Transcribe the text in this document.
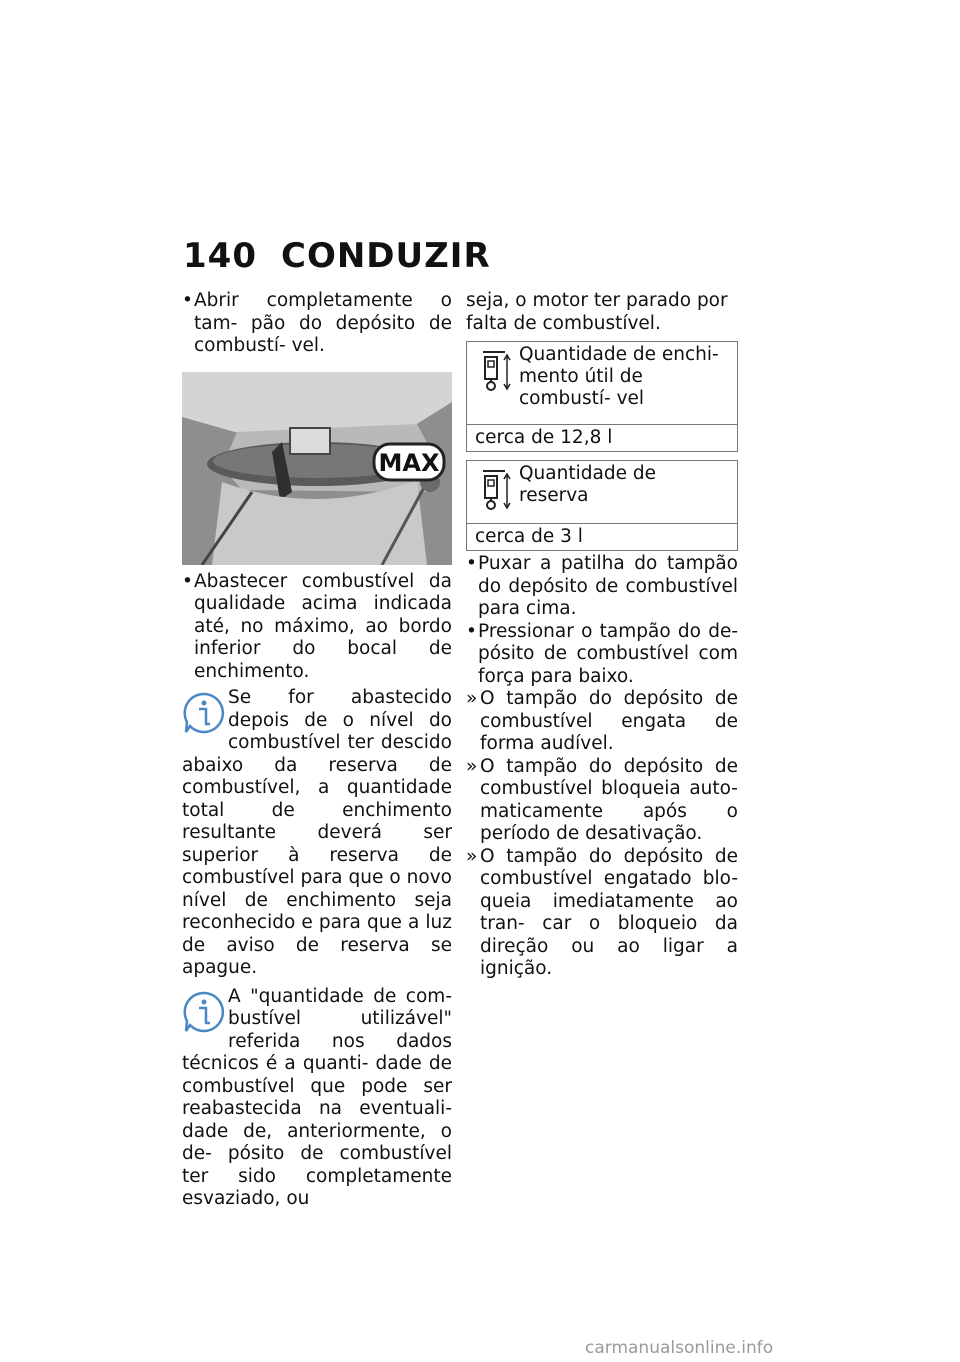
140 CONDUZIR
• Abrir completamente o tam- pão do depósito de combustí- vel.
MAX
• Abastecer combustível da qualidade acima indicada até, no máximo, ao bordo inferior do bocal de enchimento.
Se for abastecido depois de o nível do combustível ter descido abaixo da reserva de combustível, a quantidade total de enchimento resultante deverá ser superior à reserva de combustível para que o novo nível de enchimento seja reconhecido e para que a luz de aviso de reserva se apague.
A "quantidade de com- bustível utilizável" referida nos dados técnicos é a quanti- dade de combustível que pode ser reabastecida na eventuali- dade de, anteriormente, o de- pósito de combustível ter sido completamente esvaziado, ou
seja, o motor ter parado por falta de combustível.
Quantidade de enchi- mento útil de combustí- vel

cerca de 12,8 l
Quantidade de reserva

cerca de 3 l
• Puxar a patilha do tampão do depósito de combustível para cima.
• Pressionar o tampão do de- pósito de combustível com força para baixo.
» O tampão do depósito de combustível engata de forma audível.
» O tampão do depósito de combustível bloqueia auto- maticamente após o período de desativação.
» O tampão do depósito de combustível engatado blo- queia imediatamente ao tran- car o bloqueio da direção ou ao ligar a ignição.
carmanualsonline.info
